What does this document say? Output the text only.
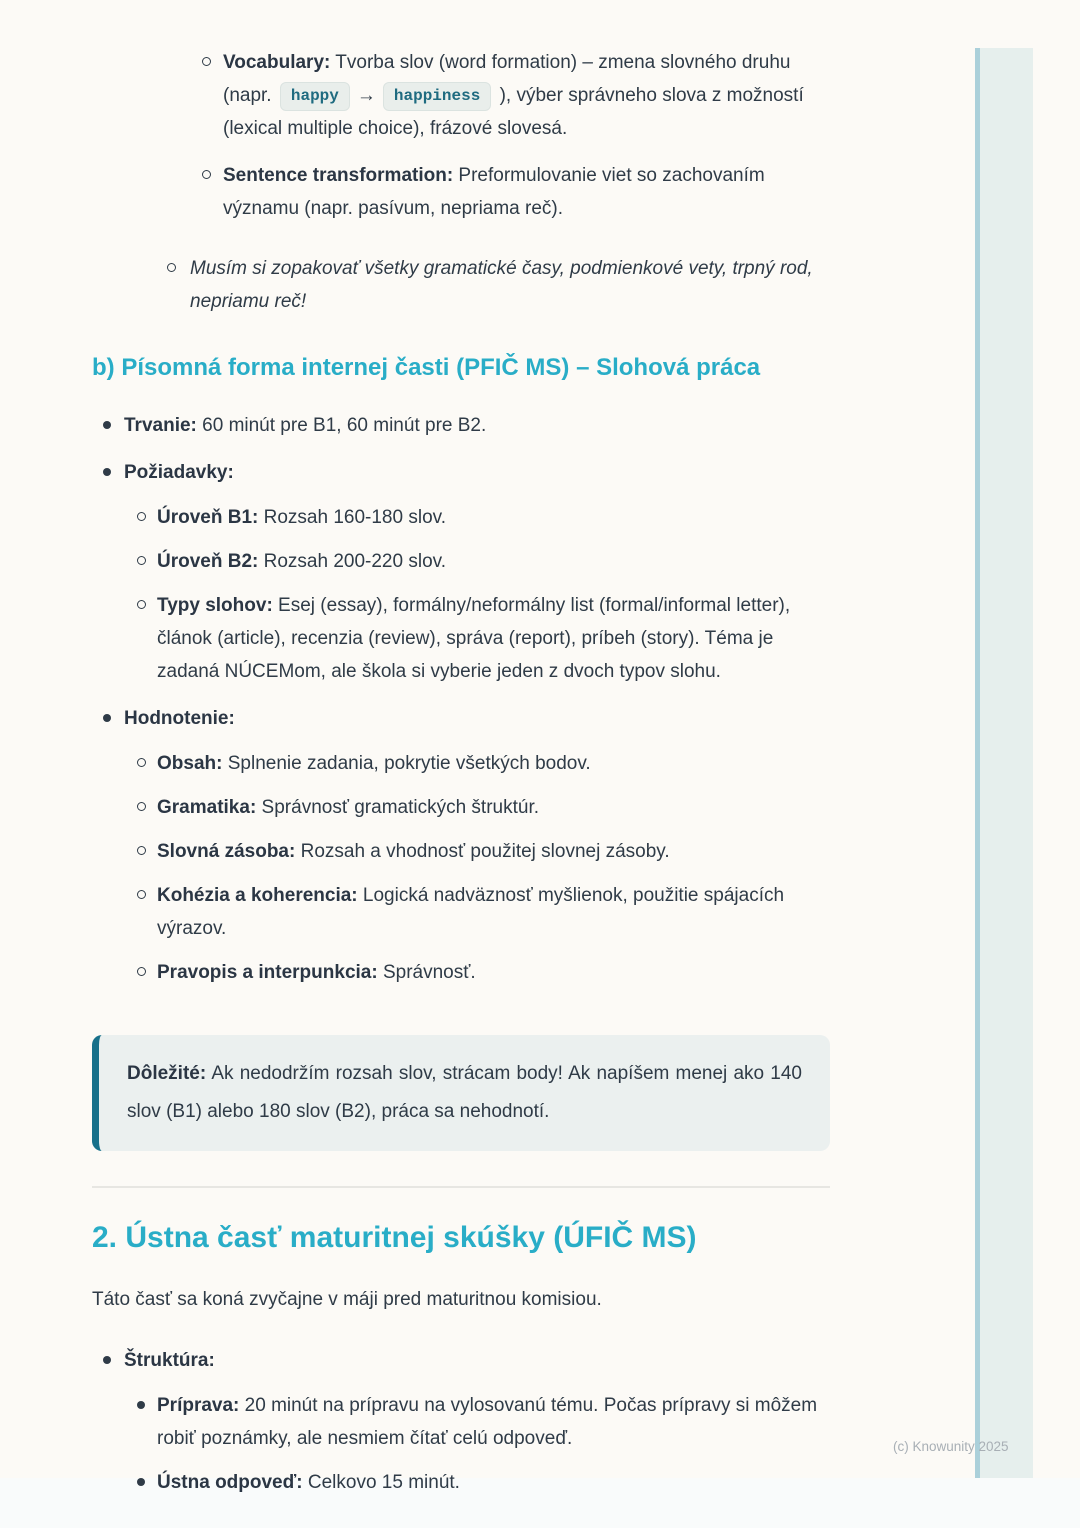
Vocabulary: Tvorba slov (word formation) – zmena slovného druhu (napr. happy → happiness ), výber správneho slova z možností (lexical multiple choice), frázové slovesá.
Sentence transformation: Preformulovanie viet so zachovaním významu (napr. pasívum, nepriama reč).
Musím si zopakovať všetky gramatické časy, podmienkové vety, trpný rod, nepriamu reč!
b) Písomná forma internej časti (PFIČ MS) – Slohová práca
Trvanie: 60 minút pre B1, 60 minút pre B2.
Požiadavky:
Úroveň B1: Rozsah 160-180 slov.
Úroveň B2: Rozsah 200-220 slov.
Typy slohov: Esej (essay), formálny/neformálny list (formal/informal letter), článok (article), recenzia (review), správa (report), príbeh (story). Téma je zadaná NÚCEMom, ale škola si vyberie jeden z dvoch typov slohu.
Hodnotenie:
Obsah: Splnenie zadania, pokrytie všetkých bodov.
Gramatika: Správnosť gramatických štruktúr.
Slovná zásoba: Rozsah a vhodnosť použitej slovnej zásoby.
Kohézia a koherencia: Logická nadväznosť myšlienok, použitie spájacích výrazov.
Pravopis a interpunkcia: Správnosť.
Dôležité: Ak nedodržím rozsah slov, strácam body! Ak napíšem menej ako 140 slov (B1) alebo 180 slov (B2), práca sa nehodnotí.
2. Ústna časť maturitnej skúšky (ÚFIČ MS)

Táto časť sa koná zvyčajne v máji pred maturitnou komisiou.

Štruktúra:
Príprava: 20 minút na prípravu na vylosovanú tému. Počas prípravy si môžem robiť poznámky, ale nesmiem čítať celú odpoveď.
Ústna odpoveď: Celkovo 15 minút.
(c) Knowunity 2025
